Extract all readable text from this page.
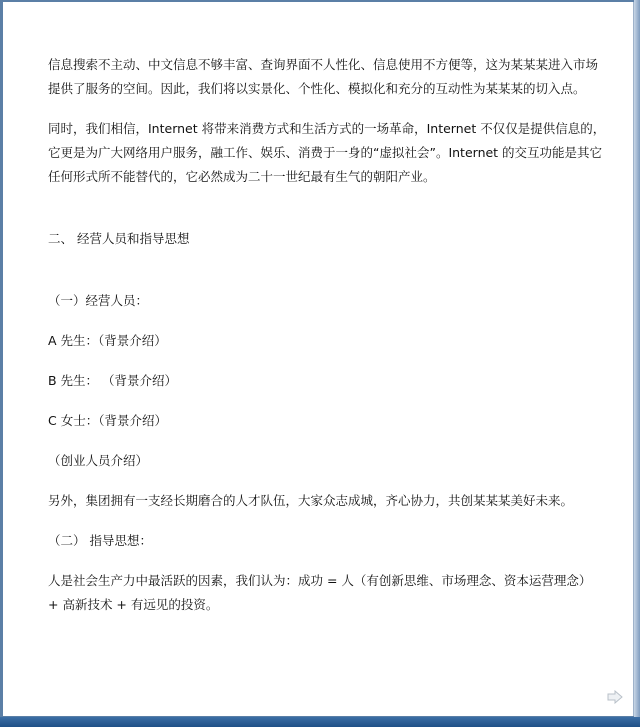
信息搜索不主动、中文信息不够丰富、查询界面不人性化、信息使用不方便等，这为某某某进入市场
提供了服务的空间。因此，我们将以实景化、个性化、模拟化和充分的互动性为某某某的切入点。
同时，我们相信，Internet 将带来消费方式和生活方式的一场革命，Internet 不仅仅是提供信息的，
它更是为广大网络用户服务，融工作、娱乐、消费于一身的“虚拟社会”。Internet 的交互功能是其它
任何形式所不能替代的，它必然成为二十一世纪最有生气的朝阳产业。
二、 经营人员和指导思想
（一）经营人员：
A 先生：（背景介绍）
B 先生： （背景介绍）
C 女士：（背景介绍）
（创业人员介绍）
另外，集团拥有一支经长期磨合的人才队伍，大家众志成城，齐心协力，共创某某某美好未来。
（二） 指导思想：
人是社会生产力中最活跃的因素，我们认为：成功 = 人（有创新思维、市场理念、资本运营理念）
+ 高新技术 + 有远见的投资。
